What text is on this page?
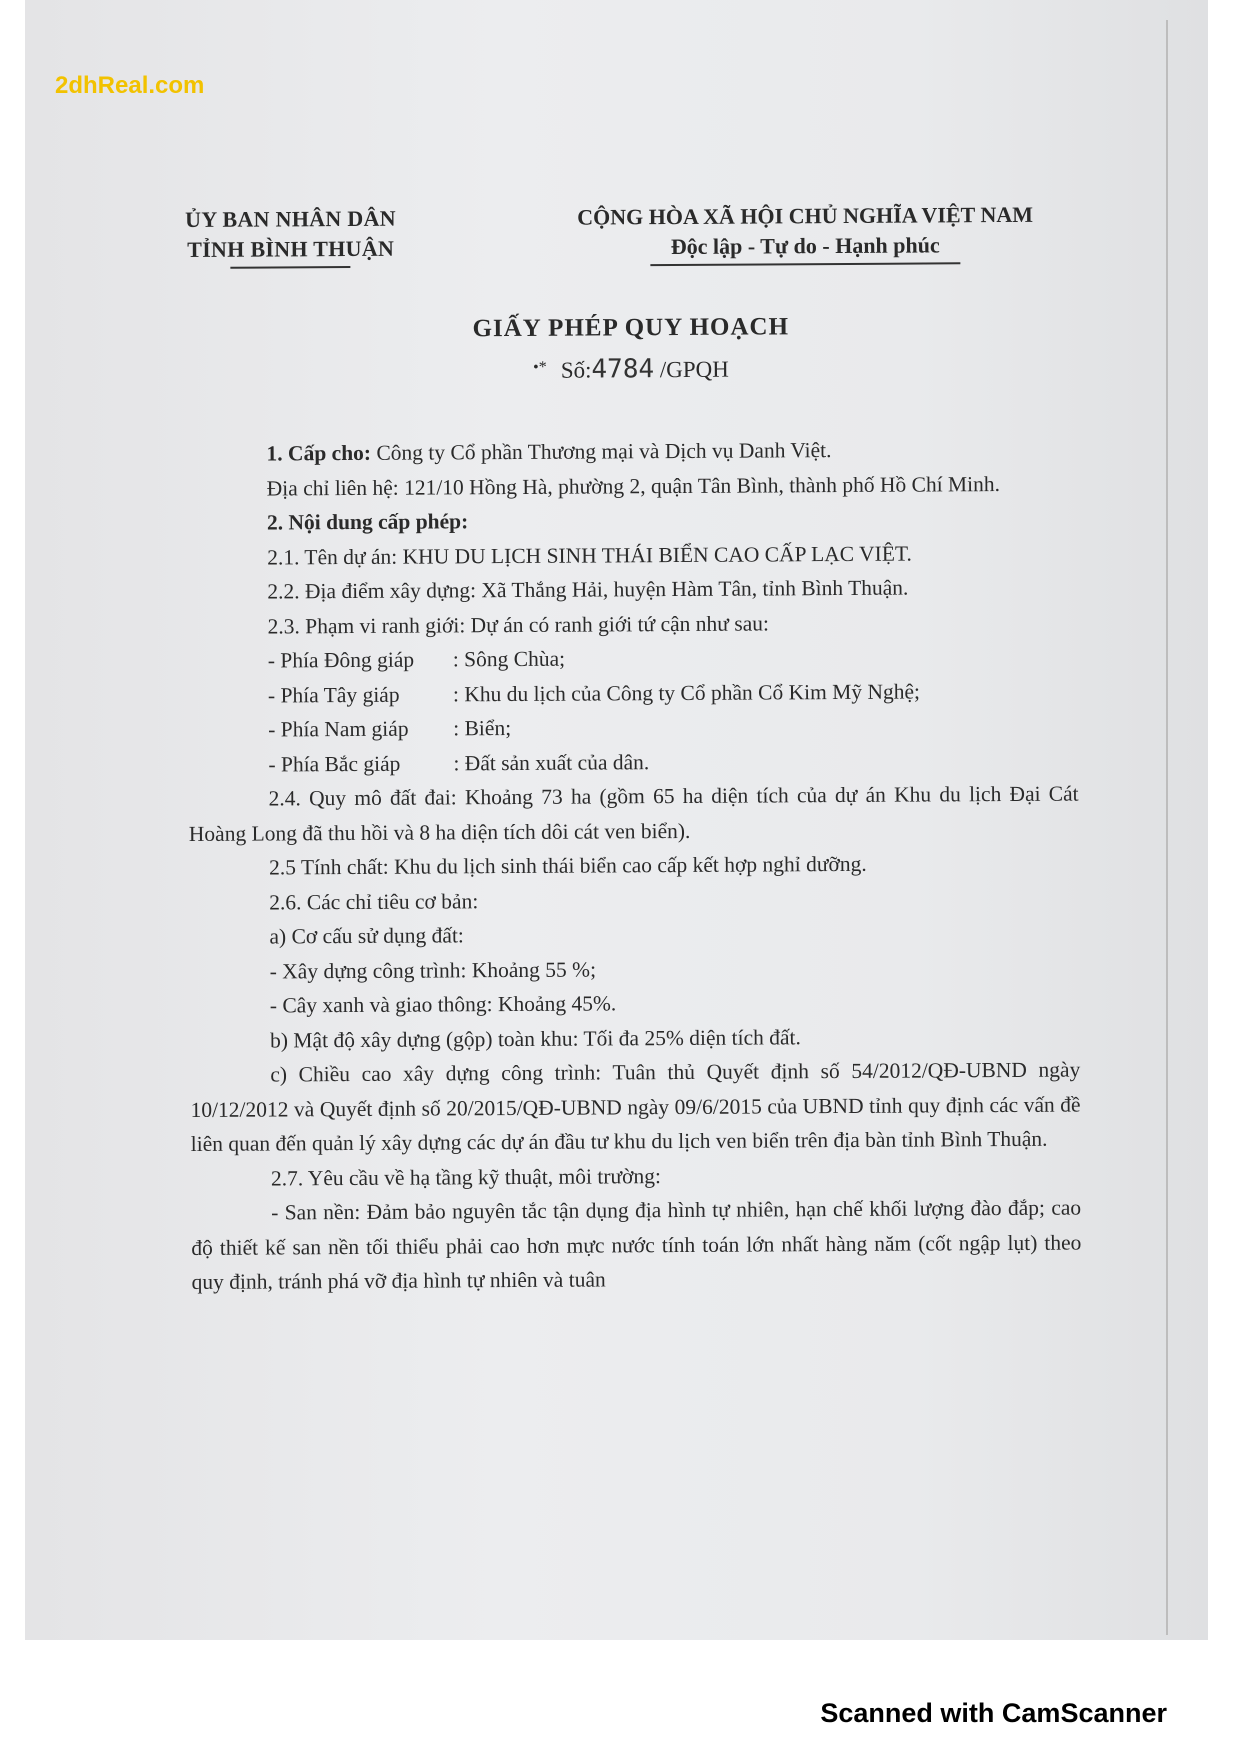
2dhReal.com
ỦY BAN NHÂN DÂN
TỈNH BÌNH THUẬN
CỘNG HÒA XÃ HỘI CHỦ NGHĨA VIỆT NAM
Độc lập - Tự do - Hạnh phúc
GIẤY PHÉP QUY HOẠCH
•* Số:4784 /GPQH

1. Cấp cho: Công ty Cổ phần Thương mại và Dịch vụ Danh Việt.

Địa chỉ liên hệ: 121/10 Hồng Hà, phường 2, quận Tân Bình, thành phố Hồ Chí Minh.

2. Nội dung cấp phép:

2.1. Tên dự án: KHU DU LỊCH SINH THÁI BIỂN CAO CẤP LẠC VIỆT.

2.2. Địa điểm xây dựng: Xã Thắng Hải, huyện Hàm Tân, tỉnh Bình Thuận.

2.3. Phạm vi ranh giới: Dự án có ranh giới tứ cận như sau:

- Phía Đông giáp	: Sông Chùa;
- Phía Tây giáp	: Khu du lịch của Công ty Cổ phần Cổ Kim Mỹ Nghệ;
- Phía Nam giáp	: Biển;
- Phía Bắc giáp	: Đất sản xuất của dân.

2.4. Quy mô đất đai: Khoảng 73 ha (gồm 65 ha diện tích của dự án Khu du lịch Đại Cát Hoàng Long đã thu hồi và 8 ha diện tích dôi cát ven biển).

2.5 Tính chất: Khu du lịch sinh thái biển cao cấp kết hợp nghỉ dưỡng.

2.6. Các chỉ tiêu cơ bản:

a) Cơ cấu sử dụng đất:

- Xây dựng công trình: Khoảng 55 %;

- Cây xanh và giao thông: Khoảng 45%.

b) Mật độ xây dựng (gộp) toàn khu: Tối đa 25% diện tích đất.

c) Chiều cao xây dựng công trình: Tuân thủ Quyết định số 54/2012/QĐ-UBND ngày 10/12/2012 và Quyết định số 20/2015/QĐ-UBND ngày 09/6/2015 của UBND tỉnh quy định các vấn đề liên quan đến quản lý xây dựng các dự án đầu tư khu du lịch ven biển trên địa bàn tỉnh Bình Thuận.

2.7. Yêu cầu về hạ tầng kỹ thuật, môi trường:

- San nền: Đảm bảo nguyên tắc tận dụng địa hình tự nhiên, hạn chế khối lượng đào đắp; cao độ thiết kế san nền tối thiểu phải cao hơn mực nước tính toán lớn nhất hàng năm (cốt ngập lụt) theo quy định, tránh phá vỡ địa hình tự nhiên và tuân

Scanned with CamScanner
